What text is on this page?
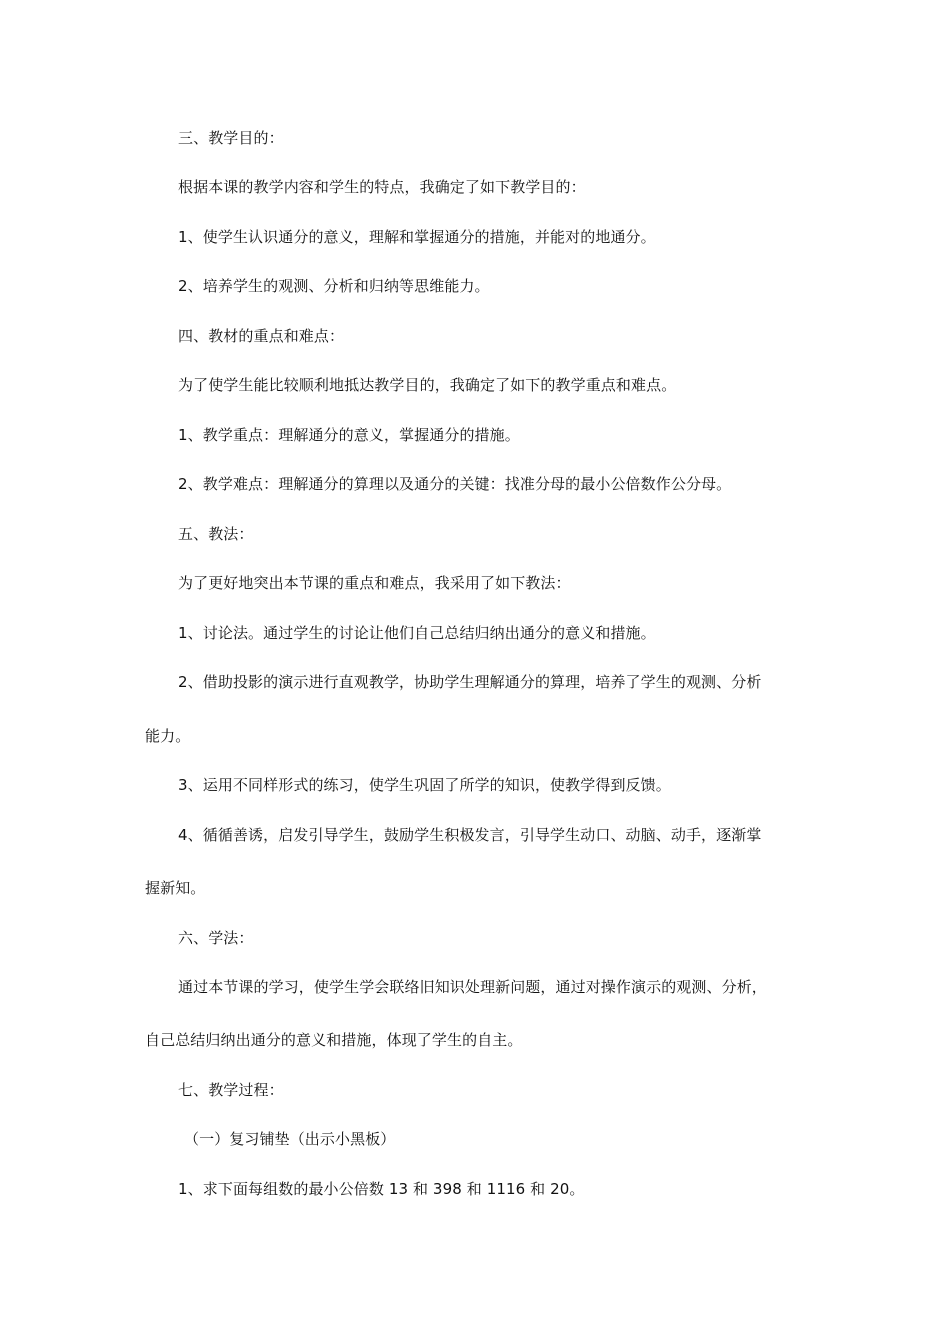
三、教学目的：
根据本课的教学内容和学生的特点，我确定了如下教学目的：
1、使学生认识通分的意义，理解和掌握通分的措施，并能对的地通分。
2、培养学生的观测、分析和归纳等思维能力。
四、教材的重点和难点：
为了使学生能比较顺利地抵达教学目的，我确定了如下的教学重点和难点。
1、教学重点：理解通分的意义，掌握通分的措施。
2、教学难点：理解通分的算理以及通分的关键：找准分母的最小公倍数作公分母。
五、教法：
为了更好地突出本节课的重点和难点，我采用了如下教法：
1、讨论法。通过学生的讨论让他们自己总结归纳出通分的意义和措施。
2、借助投影的演示进行直观教学，协助学生理解通分的算理，培养了学生的观测、分析
能力。
3、运用不同样形式的练习，使学生巩固了所学的知识，使教学得到反馈。
4、循循善诱，启发引导学生，鼓励学生积极发言，引导学生动口、动脑、动手，逐渐掌
握新知。
六、学法：
通过本节课的学习，使学生学会联络旧知识处理新问题，通过对操作演示的观测、分析，
自己总结归纳出通分的意义和措施，体现了学生的自主。
七、教学过程：
（一）复习铺垫（出示小黑板）
1、求下面每组数的最小公倍数 13 和 398 和 1116 和 20。
